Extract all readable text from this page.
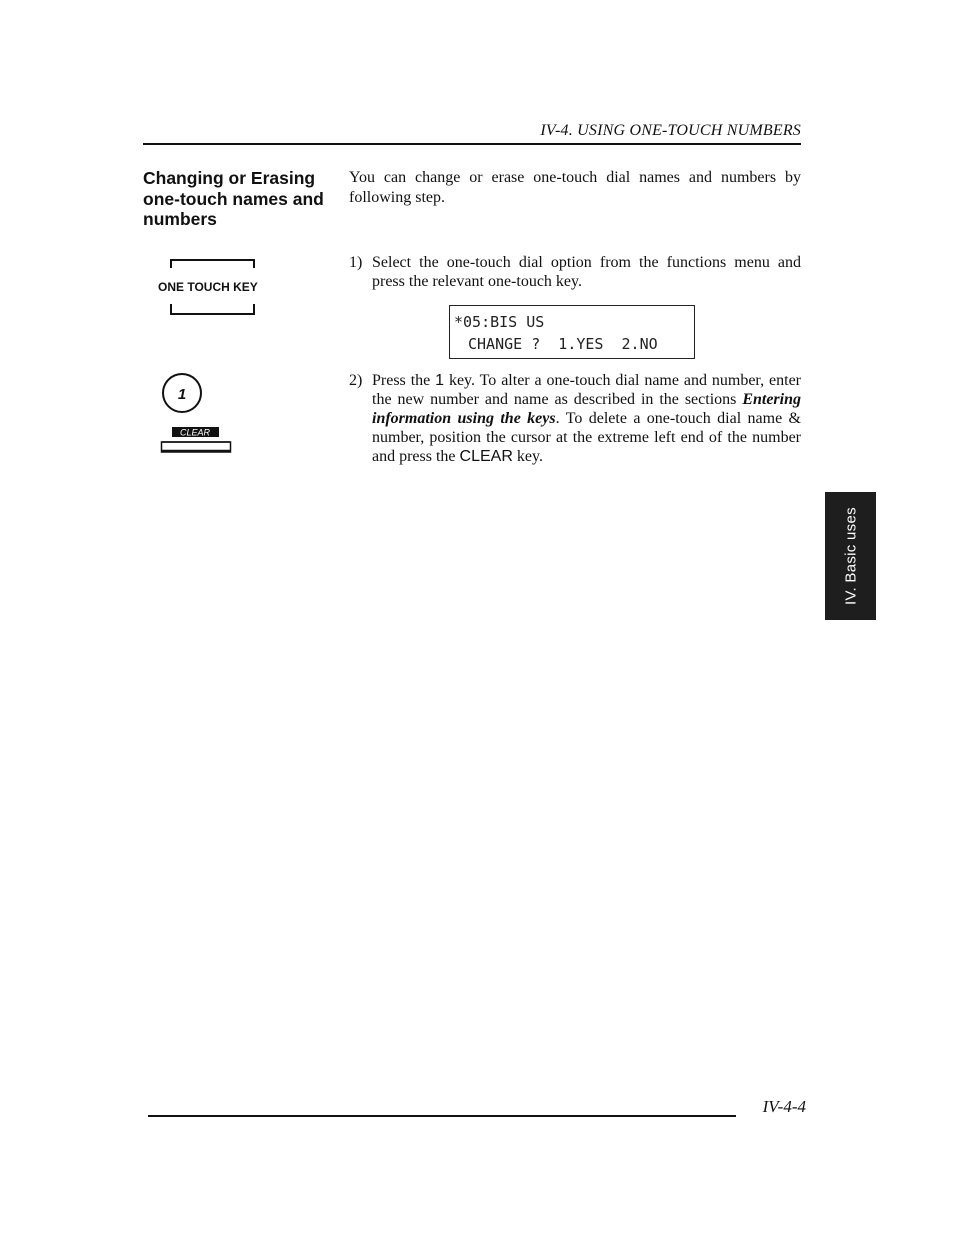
IV-4. USING ONE-TOUCH NUMBERS
Changing or Erasing one-touch names and numbers
You can change or erase one-touch dial names and numbers by following step.
ONE TOUCH KEY
1
CLEAR
1) Select the one-touch dial option from the functions menu and press the relevant one-touch key.
*05:BIS US
CHANGE ?  1.YES  2.NO
2) Press the 1 key. To alter a one-touch dial name and number, enter the new number and name as described in the sections Entering information using the keys. To delete a one-touch dial name & number, position the cursor at the extreme left end of the number and press the CLEAR key.
IV. Basic uses
IV-4-4
